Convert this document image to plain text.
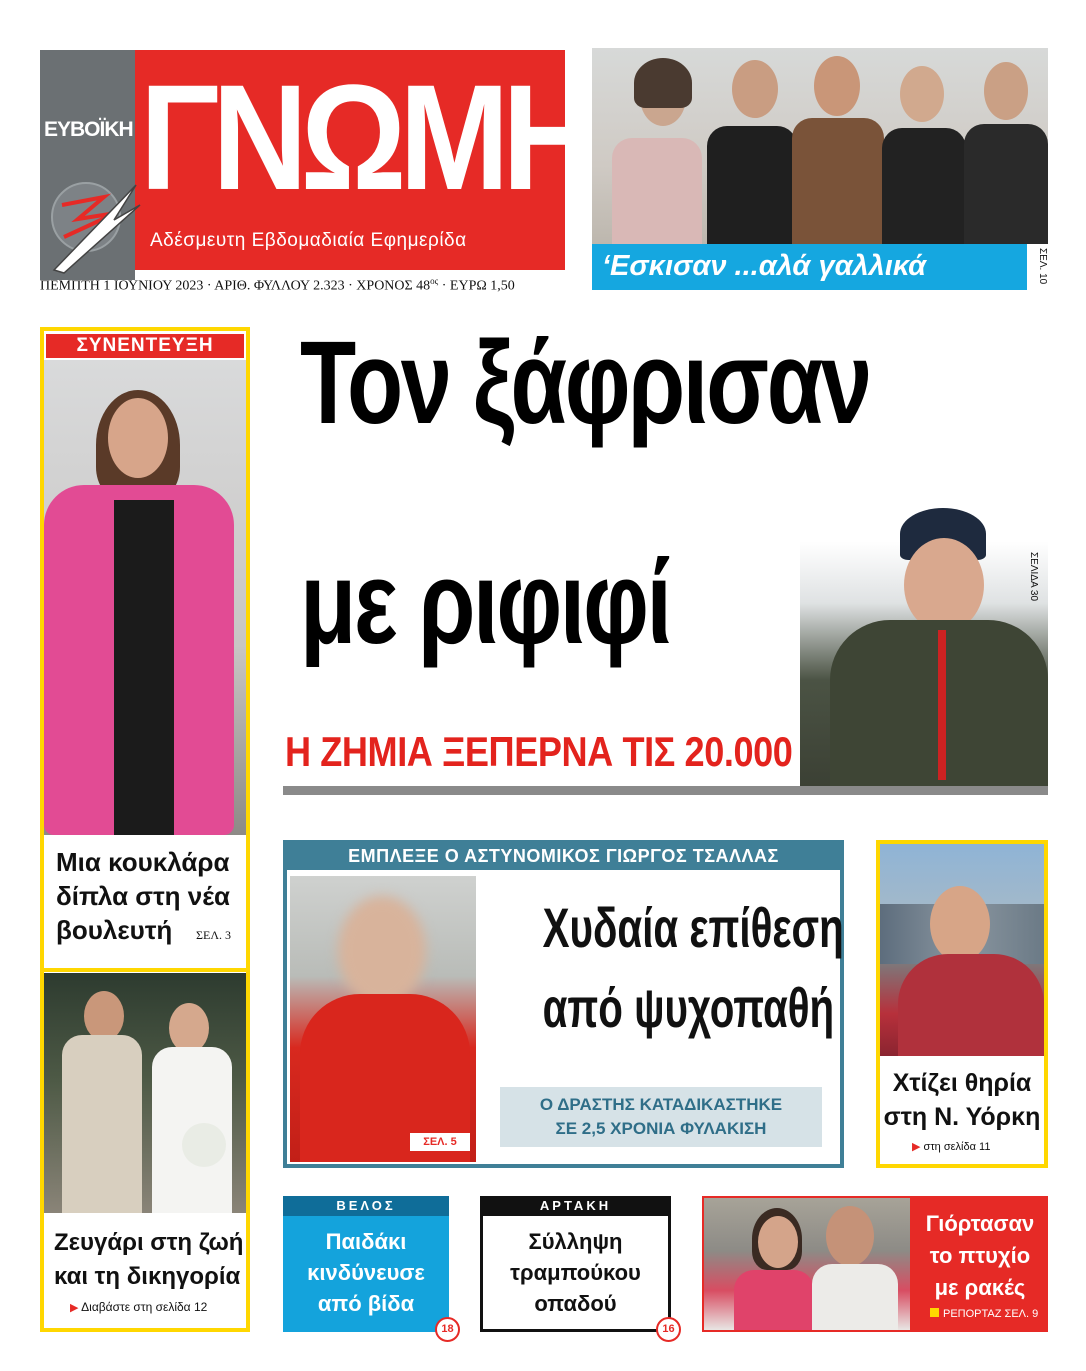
ΕΥΒΟΪΚΗ ΓΝΩΜΗ
Αδέσμευτη Εβδομαδιαία Εφημερίδα
ΠΕΜΠΤΗ 1 ΙΟΥΝΙΟΥ 2023 · ΑΡΙΘ. ΦΥΛΛΟΥ 2.323 · ΧΡΟΝΟΣ $48^{o\varsigma} \cdot E\Upsilon P\Omega$ 1,50
‘Εσκισαν ...αλά γαλλικά	ΣΕΛ. 10
Τον ξάφρισαν
με ριφιφί	ΣΕΛΙΔΑ 30
Η ΖΗΜΙΑ ΞΕΠΕΡΝΑ ΤΙΣ 20.000
ΣΥΝΕΝΤΕΥΞΗ
Μια κουκλάρα
δίπλα στη νέα
βουλευτή	ΣΕΛ. 3
Ζευγάρι στη ζωή
και τη δικηγορία
▶ Διαβάστε στη σελίδα 12
ΕΜΠΛΕΞΕ Ο ΑΣΤΥΝΟΜΙΚΟΣ ΓΙΩΡΓΟΣ ΤΣΑΛΛΑΣ
ΣΕΛ. 5
Χυδαία επίθεση
από ψυχοπαθή
Ο ΔΡΑΣΤΗΣ ΚΑΤΑΔΙΚΑΣΤΗΚΕ
ΣΕ 2,5 ΧΡΟΝΙΑ ΦΥΛΑΚΙΣΗ
Χτίζει θηρία
στη Ν. Υόρκη
▶ στη σελίδα 11
ΒΕΛΟΣ
Παιδάκι
κινδύνευσε
από βίδα
18
ΑΡΤΑΚΗ
Σύλληψη
τραμπούκου
οπαδού
16
Γιόρτασαν
το πτυχίο
με ρακές
ΡΕΠΟΡΤΑΖ ΣΕΛ. 9
